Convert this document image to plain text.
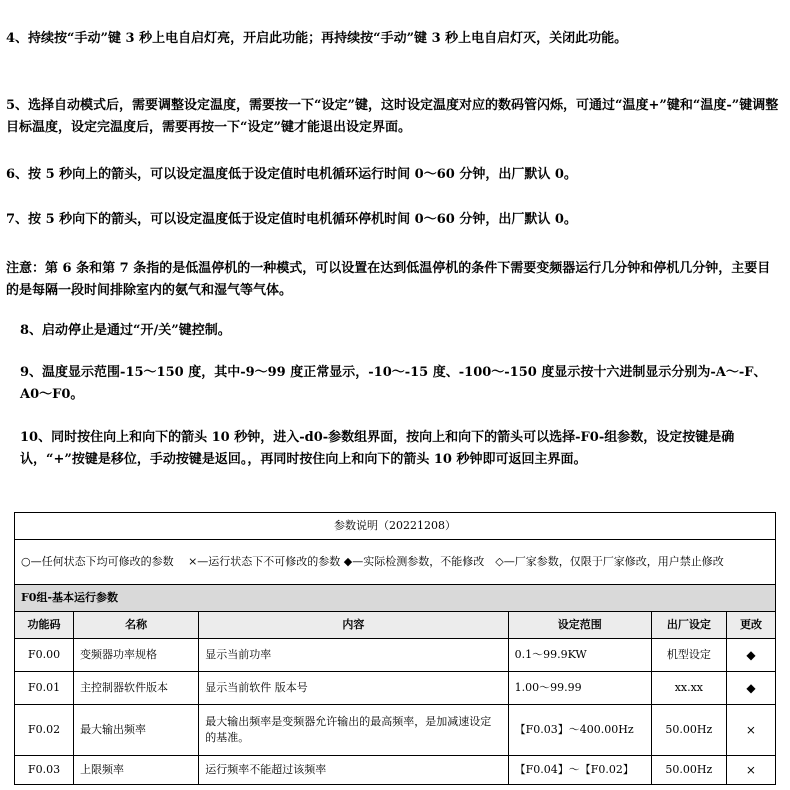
4、持续按“手动”键 3 秒上电自启灯亮，开启此功能；再持续按“手动”键 3 秒上电自启灯灭，关闭此功能。

5、选择自动模式后，需要调整设定温度，需要按一下“设定”键，这时设定温度对应的数码管闪烁，可通过“温度+”键和“温度-”键调整目标温度，设定完温度后，需要再按一下“设定”键才能退出设定界面。

6、按 5 秒向上的箭头，可以设定温度低于设定值时电机循环运行时间 0～60 分钟，出厂默认 0。

7、按 5 秒向下的箭头，可以设定温度低于设定值时电机循环停机时间 0～60 分钟，出厂默认 0。

注意：第 6 条和第 7 条指的是低温停机的一种模式，可以设置在达到低温停机的条件下需要变频器运行几分钟和停机几分钟，主要目的是每隔一段时间排除室内的氨气和湿气等气体。

8、启动停止是通过“开/关”键控制。

9、温度显示范围-15～150 度，其中-9～99 度正常显示，-10～-15 度、-100～-150 度显示按十六进制显示分别为-A～-F、A0～F0。

10、同时按住向上和向下的箭头 10 秒钟，进入-d0-参数组界面，按向上和向下的箭头可以选择-F0-组参数，设定按键是确认，“+”按键是移位，手动按键是返回。，再同时按住向上和向下的箭头 10 秒钟即可返回主界面。

参数说明（20221208）					
○—任何状态下均可修改的参数　 ×—运行状态下不可修改的参数 ◆—实际检测参数，不能修改　◇—厂家参数，仅限于厂家修改，用户禁止修改					
F0组-基本运行参数					
功能码	名称	内容	设定范围	出厂设定	更改
F0.00	变频器功率规格	显示当前功率	0.1～99.9KW	机型设定	◆
F0.01	主控制器软件版本	显示当前软件 版本号	1.00～99.99	xx.xx	◆
F0.02	最大输出频率	最大输出频率是变频器允许输出的最高频率，是加减速设定的基准。	【F0.03】～400.00Hz	50.00Hz	×
F0.03	上限频率	运行频率不能超过该频率	【F0.04】～【F0.02】	50.00Hz	×
